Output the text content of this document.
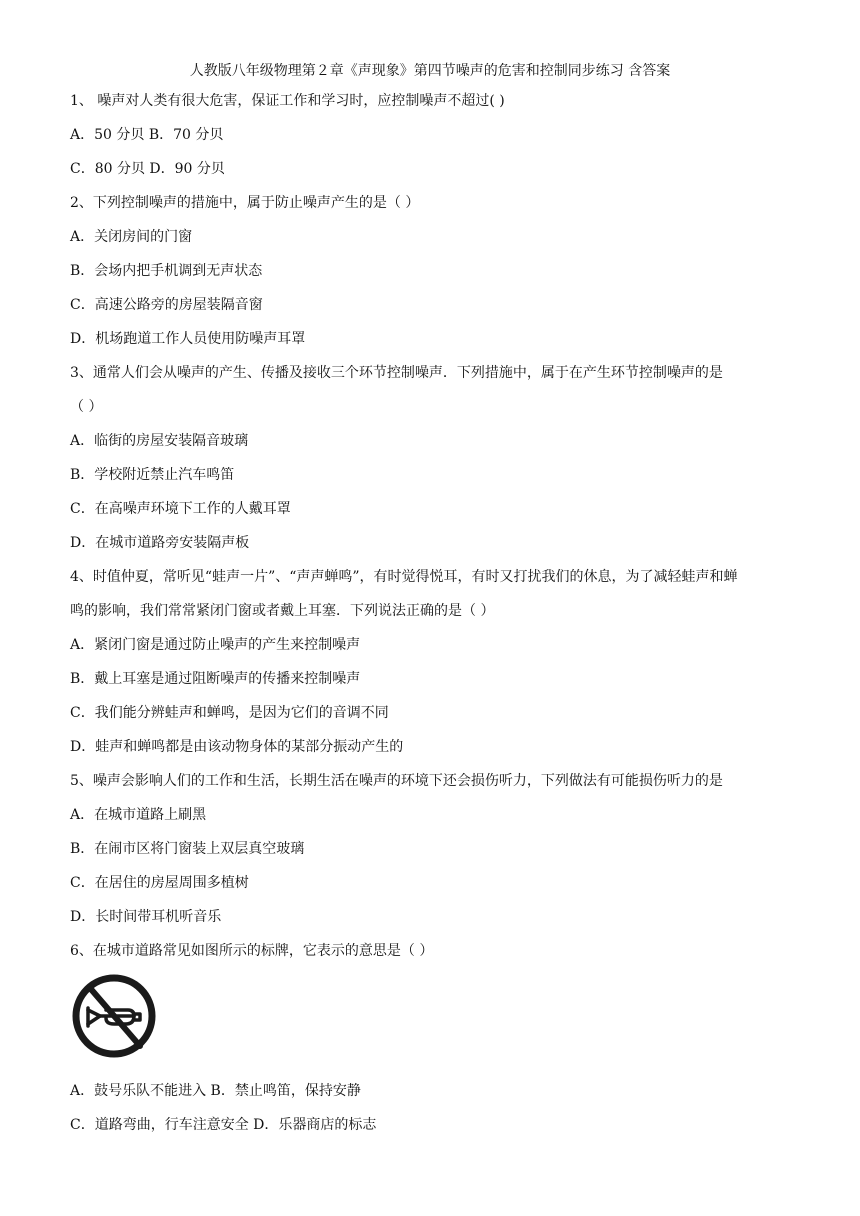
人教版八年级物理第２章《声现象》第四节噪声的危害和控制同步练习 含答案
1、 噪声对人类有很大危害，保证工作和学习时，应控制噪声不超过( )
A．50 分贝 B．70 分贝
C．80 分贝 D．90 分贝
2、下列控制噪声的措施中，属于防止噪声产生的是（ ）
A．关闭房间的门窗
B．会场内把手机调到无声状态
C．高速公路旁的房屋装隔音窗
D．机场跑道工作人员使用防噪声耳罩
3、通常人们会从噪声的产生、传播及接收三个环节控制噪声．下列措施中，属于在产生环节控制噪声的是
（ ）
A．临街的房屋安装隔音玻璃
B．学校附近禁止汽车鸣笛
C．在高噪声环境下工作的人戴耳罩
D．在城市道路旁安装隔声板
4、时值仲夏，常听见“蛙声一片”、“声声蝉鸣”，有时觉得悦耳，有时又打扰我们的休息，为了减轻蛙声和蝉
鸣的影响，我们常常紧闭门窗或者戴上耳塞．下列说法正确的是（ ）
A．紧闭门窗是通过防止噪声的产生来控制噪声
B．戴上耳塞是通过阻断噪声的传播来控制噪声
C．我们能分辨蛙声和蝉鸣，是因为它们的音调不同
D．蛙声和蝉鸣都是由该动物身体的某部分振动产生的
5、噪声会影响人们的工作和生活，长期生活在噪声的环境下还会损伤听力，下列做法有可能损伤听力的是
A．在城市道路上刷黑
B．在闹市区将门窗装上双层真空玻璃
C．在居住的房屋周围多植树
D．长时间带耳机听音乐
6、在城市道路常见如图所示的标牌，它表示的意思是（ ）
A．鼓号乐队不能进入 B．禁止鸣笛，保持安静
C．道路弯曲，行车注意安全 D．乐器商店的标志
